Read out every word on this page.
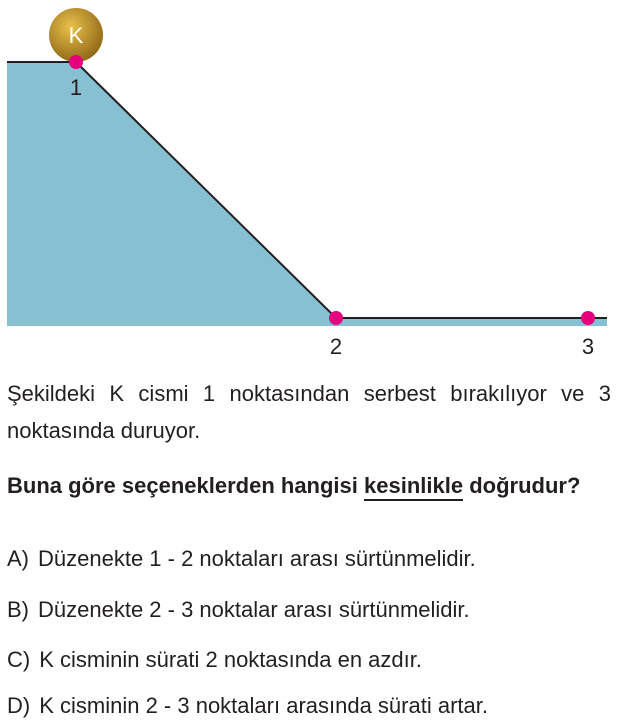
K
1
2	3
Şekildeki K cismi 1 noktasından serbest bırakılıyor ve 3 noktasında duruyor.
Buna göre seçeneklerden hangisi kesinlikle doğrudur?
A) Düzenekte 1 - 2 noktaları arası sürtünmelidir.
B) Düzenekte 2 - 3 noktalar arası sürtünmelidir.
C) K cisminin sürati 2 noktasında en azdır.
D) K cisminin 2 - 3 noktaları arasında sürati artar.
